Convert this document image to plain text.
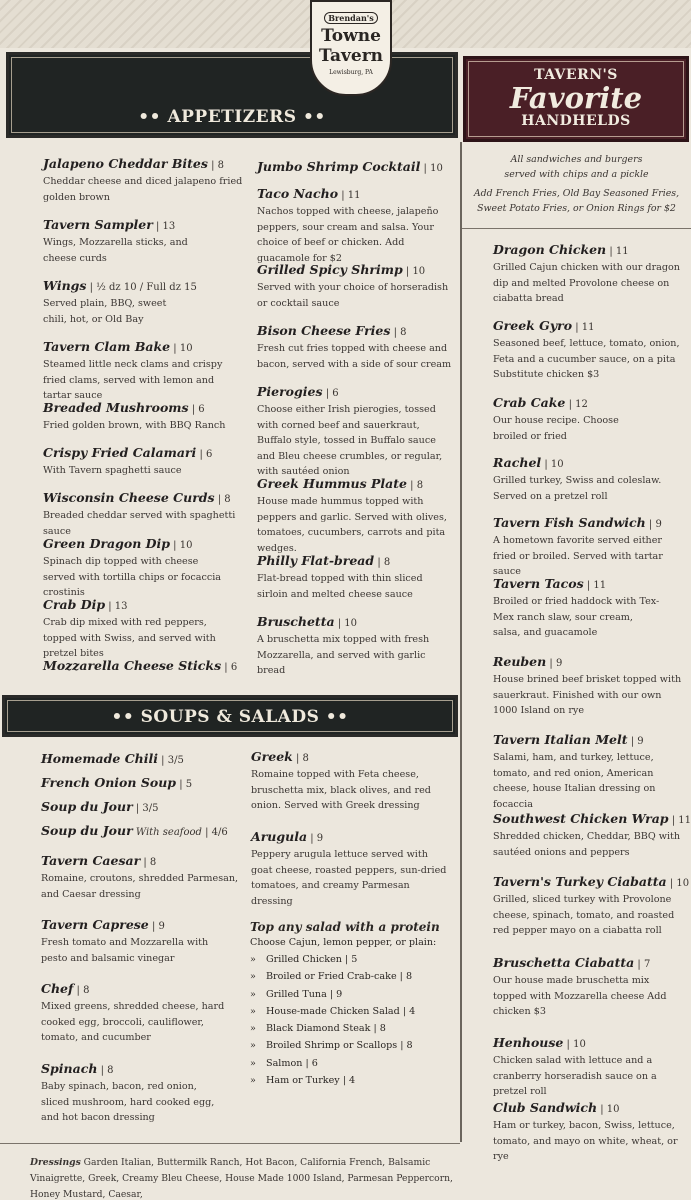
Brendan's
Towne
Tavern
Lewisburg, PA
•• APPETIZERS ••
TAVERN'S
Favorite
HANDHELDS
All sandwiches and burgers
served with chips and a pickle
Add French Fries, Old Bay Seasoned Fries,
Sweet Potato Fries, or Onion Rings for $2
Jalapeno Cheddar Bites | 8
Cheddar cheese and diced jalapeno fried golden brown
Tavern Sampler | 13
Wings, Mozzarella sticks, and cheese curds
Wings | ½ dz 10 / Full dz 15
Served plain, BBQ, sweet chili, hot, or Old Bay
Tavern Clam Bake | 10
Steamed little neck clams and crispy fried clams, served with lemon and tartar sauce
Breaded Mushrooms | 6
Fried golden brown, with BBQ Ranch
Crispy Fried Calamari | 6
With Tavern spaghetti sauce
Wisconsin Cheese Curds | 8
Breaded cheddar served with spaghetti sauce
Green Dragon Dip | 10
Spinach dip topped with cheese served with tortilla chips or focaccia crostinis
Crab Dip | 13
Crab dip mixed with red peppers, topped with Swiss, and served with pretzel bites
Mozzarella Cheese Sticks | 6
Jumbo Shrimp Cocktail | 10
Taco Nacho | 11
Nachos topped with cheese, jalapeño peppers, sour cream and salsa. Your choice of beef or chicken. Add guacamole for $2
Grilled Spicy Shrimp | 10
Served with your choice of horseradish or cocktail sauce
Bison Cheese Fries | 8
Fresh cut fries topped with cheese and bacon, served with a side of sour cream
Pierogies | 6
Choose either Irish pierogies, tossed with corned beef and sauerkraut, Buffalo style, tossed in Buffalo sauce and Bleu cheese crumbles, or regular, with sautéed onion
Greek Hummus Plate | 8
House made hummus topped with peppers and garlic. Served with olives, tomatoes, cucumbers, carrots and pita wedges.
Philly Flat-bread | 8
Flat-bread topped with thin sliced sirloin and melted cheese sauce
Bruschetta | 10
A bruschetta mix topped with fresh Mozzarella, and served with garlic bread
•• SOUPS & SALADS ••
Homemade Chili | 3/5
French Onion Soup | 5
Soup du Jour | 3/5
Soup du Jour With seafood | 4/6
Tavern Caesar | 8
Romaine, croutons, shredded Parmesan, and Caesar dressing
Tavern Caprese | 9
Fresh tomato and Mozzarella with pesto and balsamic vinegar
Chef | 8
Mixed greens, shredded cheese, hard cooked egg, broccoli, cauliflower, tomato, and cucumber
Spinach | 8
Baby spinach, bacon, red onion, sliced mushroom, hard cooked egg, and hot bacon dressing
Greek | 8
Romaine topped with Feta cheese, bruschetta mix, black olives, and red onion. Served with Greek dressing
Arugula | 9
Peppery arugula lettuce served with goat cheese, roasted peppers, sun-dried tomatoes, and creamy Parmesan dressing
Top any salad with a protein
Choose Cajun, lemon pepper, or plain:
» Grilled Chicken | 5
» Broiled or Fried Crab-cake | 8
» Grilled Tuna | 9
» House-made Chicken Salad | 4
» Black Diamond Steak | 8
» Broiled Shrimp or Scallops | 8
» Salmon | 6
» Ham or Turkey | 4
Dragon Chicken | 11
Grilled Cajun chicken with our dragon dip and melted Provolone cheese on ciabatta bread
Greek Gyro | 11
Seasoned beef, lettuce, tomato, onion, Feta and a cucumber sauce, on a pita Substitute chicken $3
Crab Cake | 12
Our house recipe. Choose broiled or fried
Rachel | 10
Grilled turkey, Swiss and coleslaw. Served on a pretzel roll
Tavern Fish Sandwich | 9
A hometown favorite served either fried or broiled. Served with tartar sauce
Tavern Tacos | 11
Broiled or fried haddock with Tex-Mex ranch slaw, sour cream, salsa, and guacamole
Reuben | 9
House brined beef brisket topped with sauerkraut. Finished with our own 1000 Island on rye
Tavern Italian Melt | 9
Salami, ham, and turkey, lettuce, tomato, and red onion, American cheese, house Italian dressing on focaccia
Southwest Chicken Wrap | 11
Shredded chicken, Cheddar, BBQ with sautéed onions and peppers
Tavern's Turkey Ciabatta | 10
Grilled, sliced turkey with Provolone cheese, spinach, tomato, and roasted red pepper mayo on a ciabatta roll
Bruschetta Ciabatta | 7
Our house made bruschetta mix topped with Mozzarella cheese Add chicken $3
Henhouse | 10
Chicken salad with lettuce and a cranberry horseradish sauce on a pretzel roll
Club Sandwich | 10
Ham or turkey, bacon, Swiss, lettuce, tomato, and mayo on white, wheat, or rye
Dressings Garden Italian, Buttermilk Ranch, Hot Bacon, California French, Balsamic Vinaigrette, Greek, Creamy Bleu Cheese, House Made 1000 Island, Parmesan Peppercorn, Honey Mustard, Caesar,
